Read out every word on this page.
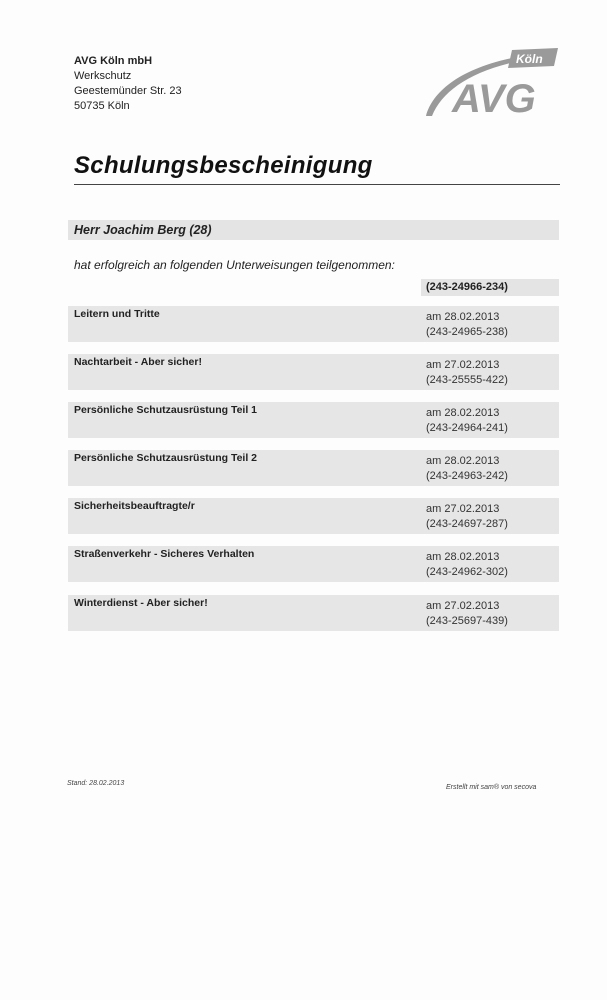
AVG Köln mbH
Werkschutz
Geestemünder Str. 23
50735 Köln
Köln
AVG
Schulungsbescheinigung
Herr Joachim Berg (28)
hat erfolgreich an folgenden Unterweisungen teilgenommen:
(243-24966-234)
Leitern und Tritte	am 28.02.2013
(243-24965-238)
Nachtarbeit - Aber sicher!	am 27.02.2013
(243-25555-422)
Persönliche Schutzausrüstung Teil 1	am 28.02.2013
(243-24964-241)
Persönliche Schutzausrüstung Teil 2	am 28.02.2013
(243-24963-242)
Sicherheitsbeauftragte/r	am 27.02.2013
(243-24697-287)
Straßenverkehr - Sicheres Verhalten	am 28.02.2013
(243-24962-302)
Winterdienst - Aber sicher!	am 27.02.2013
(243-25697-439)
Stand: 28.02.2013
Erstellt mit sam® von secova
